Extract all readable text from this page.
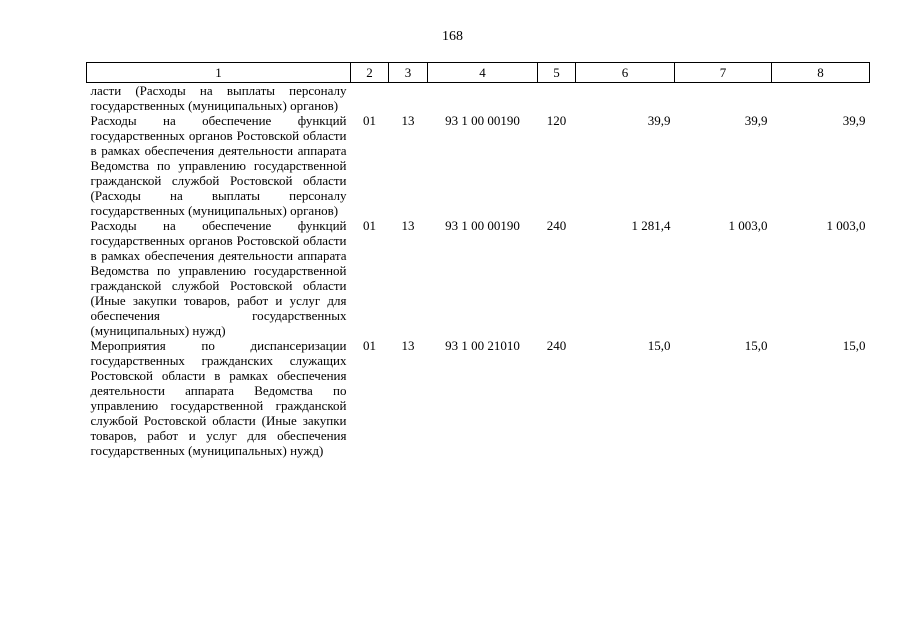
168
1	2	3	4	5	6	7	8
ласти (Расходы на выплаты персоналу государственных (муниципальных) органов)							
Расходы на обеспечение функций государственных органов Ростовской области в рамках обеспечения деятельности аппарата Ведомства по управлению государственной гражданской службой Ростовской области (Расходы на выплаты персоналу государственных (муниципальных) органов)	01	13	93 1 00 00190	120	39,9	39,9	39,9
Расходы на обеспечение функций государственных органов Ростовской области в рамках обеспечения деятельности аппарата Ведомства по управлению государственной гражданской службой Ростовской области (Иные закупки товаров, работ и услуг для обеспечения государственных (муниципальных) нужд)	01	13	93 1 00 00190	240	1 281,4	1 003,0	1 003,0
Мероприятия по диспансеризации государственных гражданских служащих Ростовской области в рамках обеспечения деятельности аппарата Ведомства по управлению государственной гражданской службой Ростовской области (Иные закупки товаров, работ и услуг для обеспечения государственных (муниципальных) нужд)	01	13	93 1 00 21010	240	15,0	15,0	15,0
